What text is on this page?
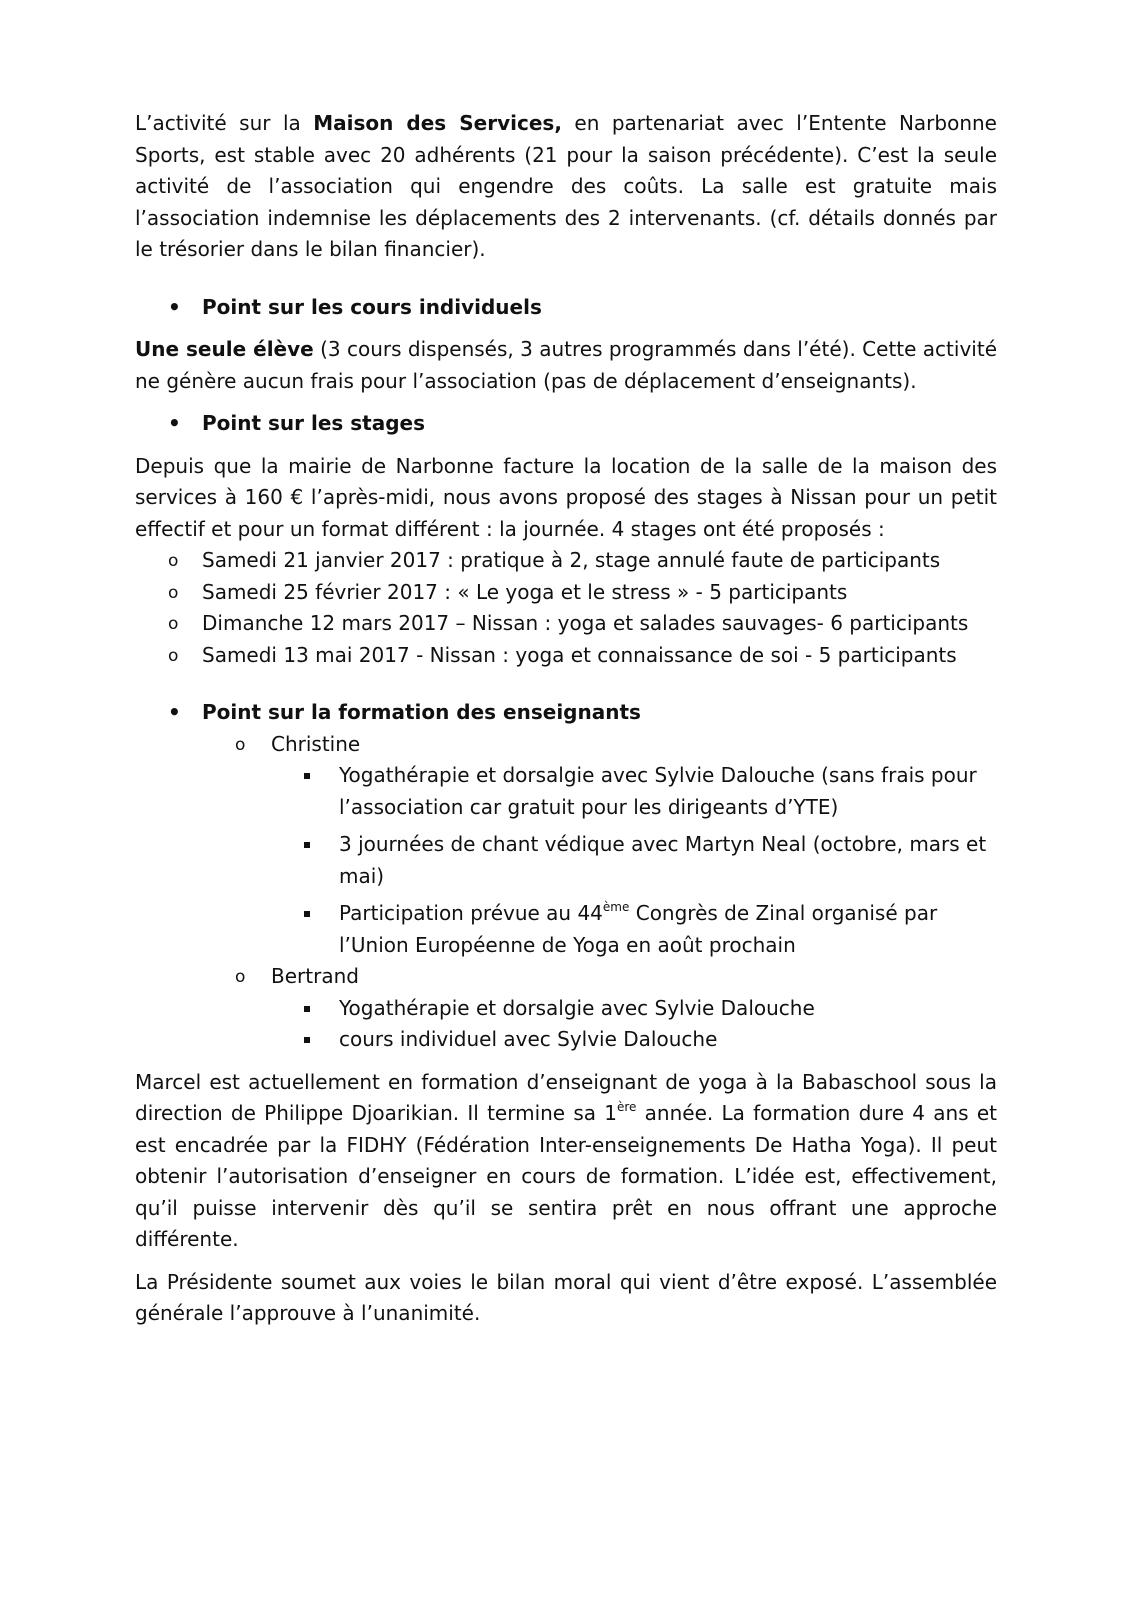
L’activité sur la Maison des Services, en partenariat avec l’Entente Narbonne Sports, est stable avec 20 adhérents (21 pour la saison précédente). C’est la seule activité de l’association qui engendre des coûts. La salle est gratuite mais l’association indemnise les déplacements des 2 intervenants. (cf. détails donnés par le trésorier dans le bilan financier).

• Point sur les cours individuels

Une seule élève (3 cours dispensés, 3 autres programmés dans l’été). Cette activité ne génère aucun frais pour l’association (pas de déplacement d’enseignants).

• Point sur les stages

Depuis que la mairie de Narbonne facture la location de la salle de la maison des services à 160 € l’après-midi, nous avons proposé des stages à Nissan pour un petit effectif et pour un format différent : la journée. 4 stages ont été proposés :

o Samedi 21 janvier 2017 : pratique à 2, stage annulé faute de participants
o Samedi 25 février 2017 : « Le yoga et le stress » - 5 participants
o Dimanche 12 mars 2017 – Nissan : yoga et salades sauvages- 6 participants
o Samedi 13 mai 2017 - Nissan : yoga et connaissance de soi - 5 participants
• Point sur la formation des enseignants
o Christine
Yogathérapie et dorsalgie avec Sylvie Dalouche (sans frais pour l’association car gratuit pour les dirigeants d’YTE)
3 journées de chant védique avec Martyn Neal (octobre, mars et mai)
Participation prévue au 44ème Congrès de Zinal organisé par l’Union Européenne de Yoga en août prochain
o Bertrand
Yogathérapie et dorsalgie avec Sylvie Dalouche
cours individuel avec Sylvie Dalouche

Marcel est actuellement en formation d’enseignant de yoga à la Babaschool sous la direction de Philippe Djoarikian. Il termine sa 1ère année. La formation dure 4 ans et est encadrée par la FIDHY (Fédération Inter-enseignements De Hatha Yoga). Il peut obtenir l’autorisation d’enseigner en cours de formation. L’idée est, effectivement, qu’il puisse intervenir dès qu’il se sentira prêt en nous offrant une approche différente.

La Présidente soumet aux voies le bilan moral qui vient d’être exposé. L’assemblée générale l’approuve à l’unanimité.
